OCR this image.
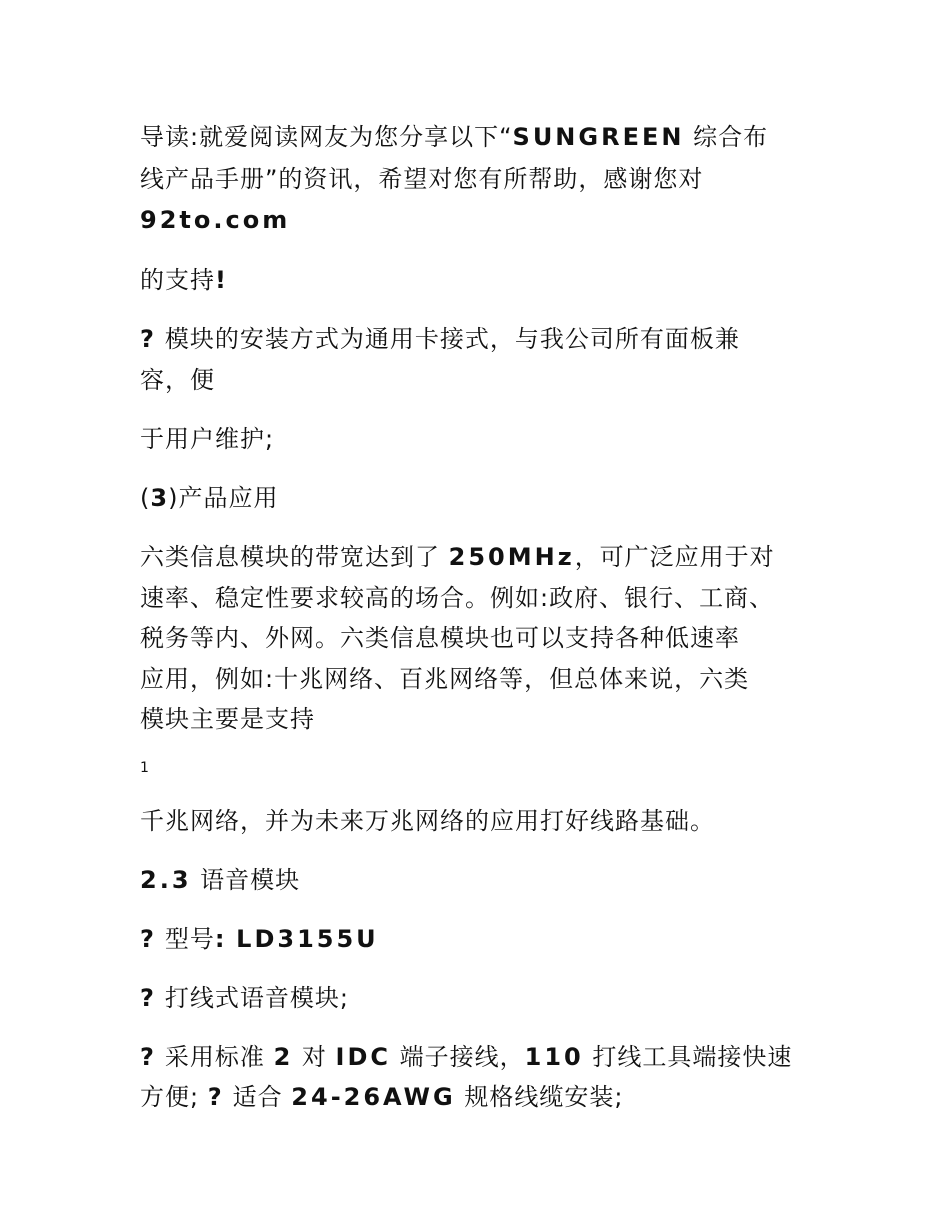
导读:就爱阅读网友为您分享以下“SUNGREEN 综合布
线产品手册”的资讯，希望对您有所帮助，感谢您对
92to.com
的支持!
? 模块的安装方式为通用卡接式，与我公司所有面板兼
容，便
于用户维护;
(3)产品应用
六类信息模块的带宽达到了 250MHz，可广泛应用于对
速率、稳定性要求较高的场合。例如:政府、银行、工商、
税务等内、外网。六类信息模块也可以支持各种低速率
应用，例如:十兆网络、百兆网络等，但总体来说，六类
模块主要是支持
1
千兆网络，并为未来万兆网络的应用打好线路基础。
2.3 语音模块
? 型号: LD3155U
? 打线式语音模块;
? 采用标准 2 对 IDC 端子接线，110 打线工具端接快速
方便; ? 适合 24-26AWG 规格线缆安装;
